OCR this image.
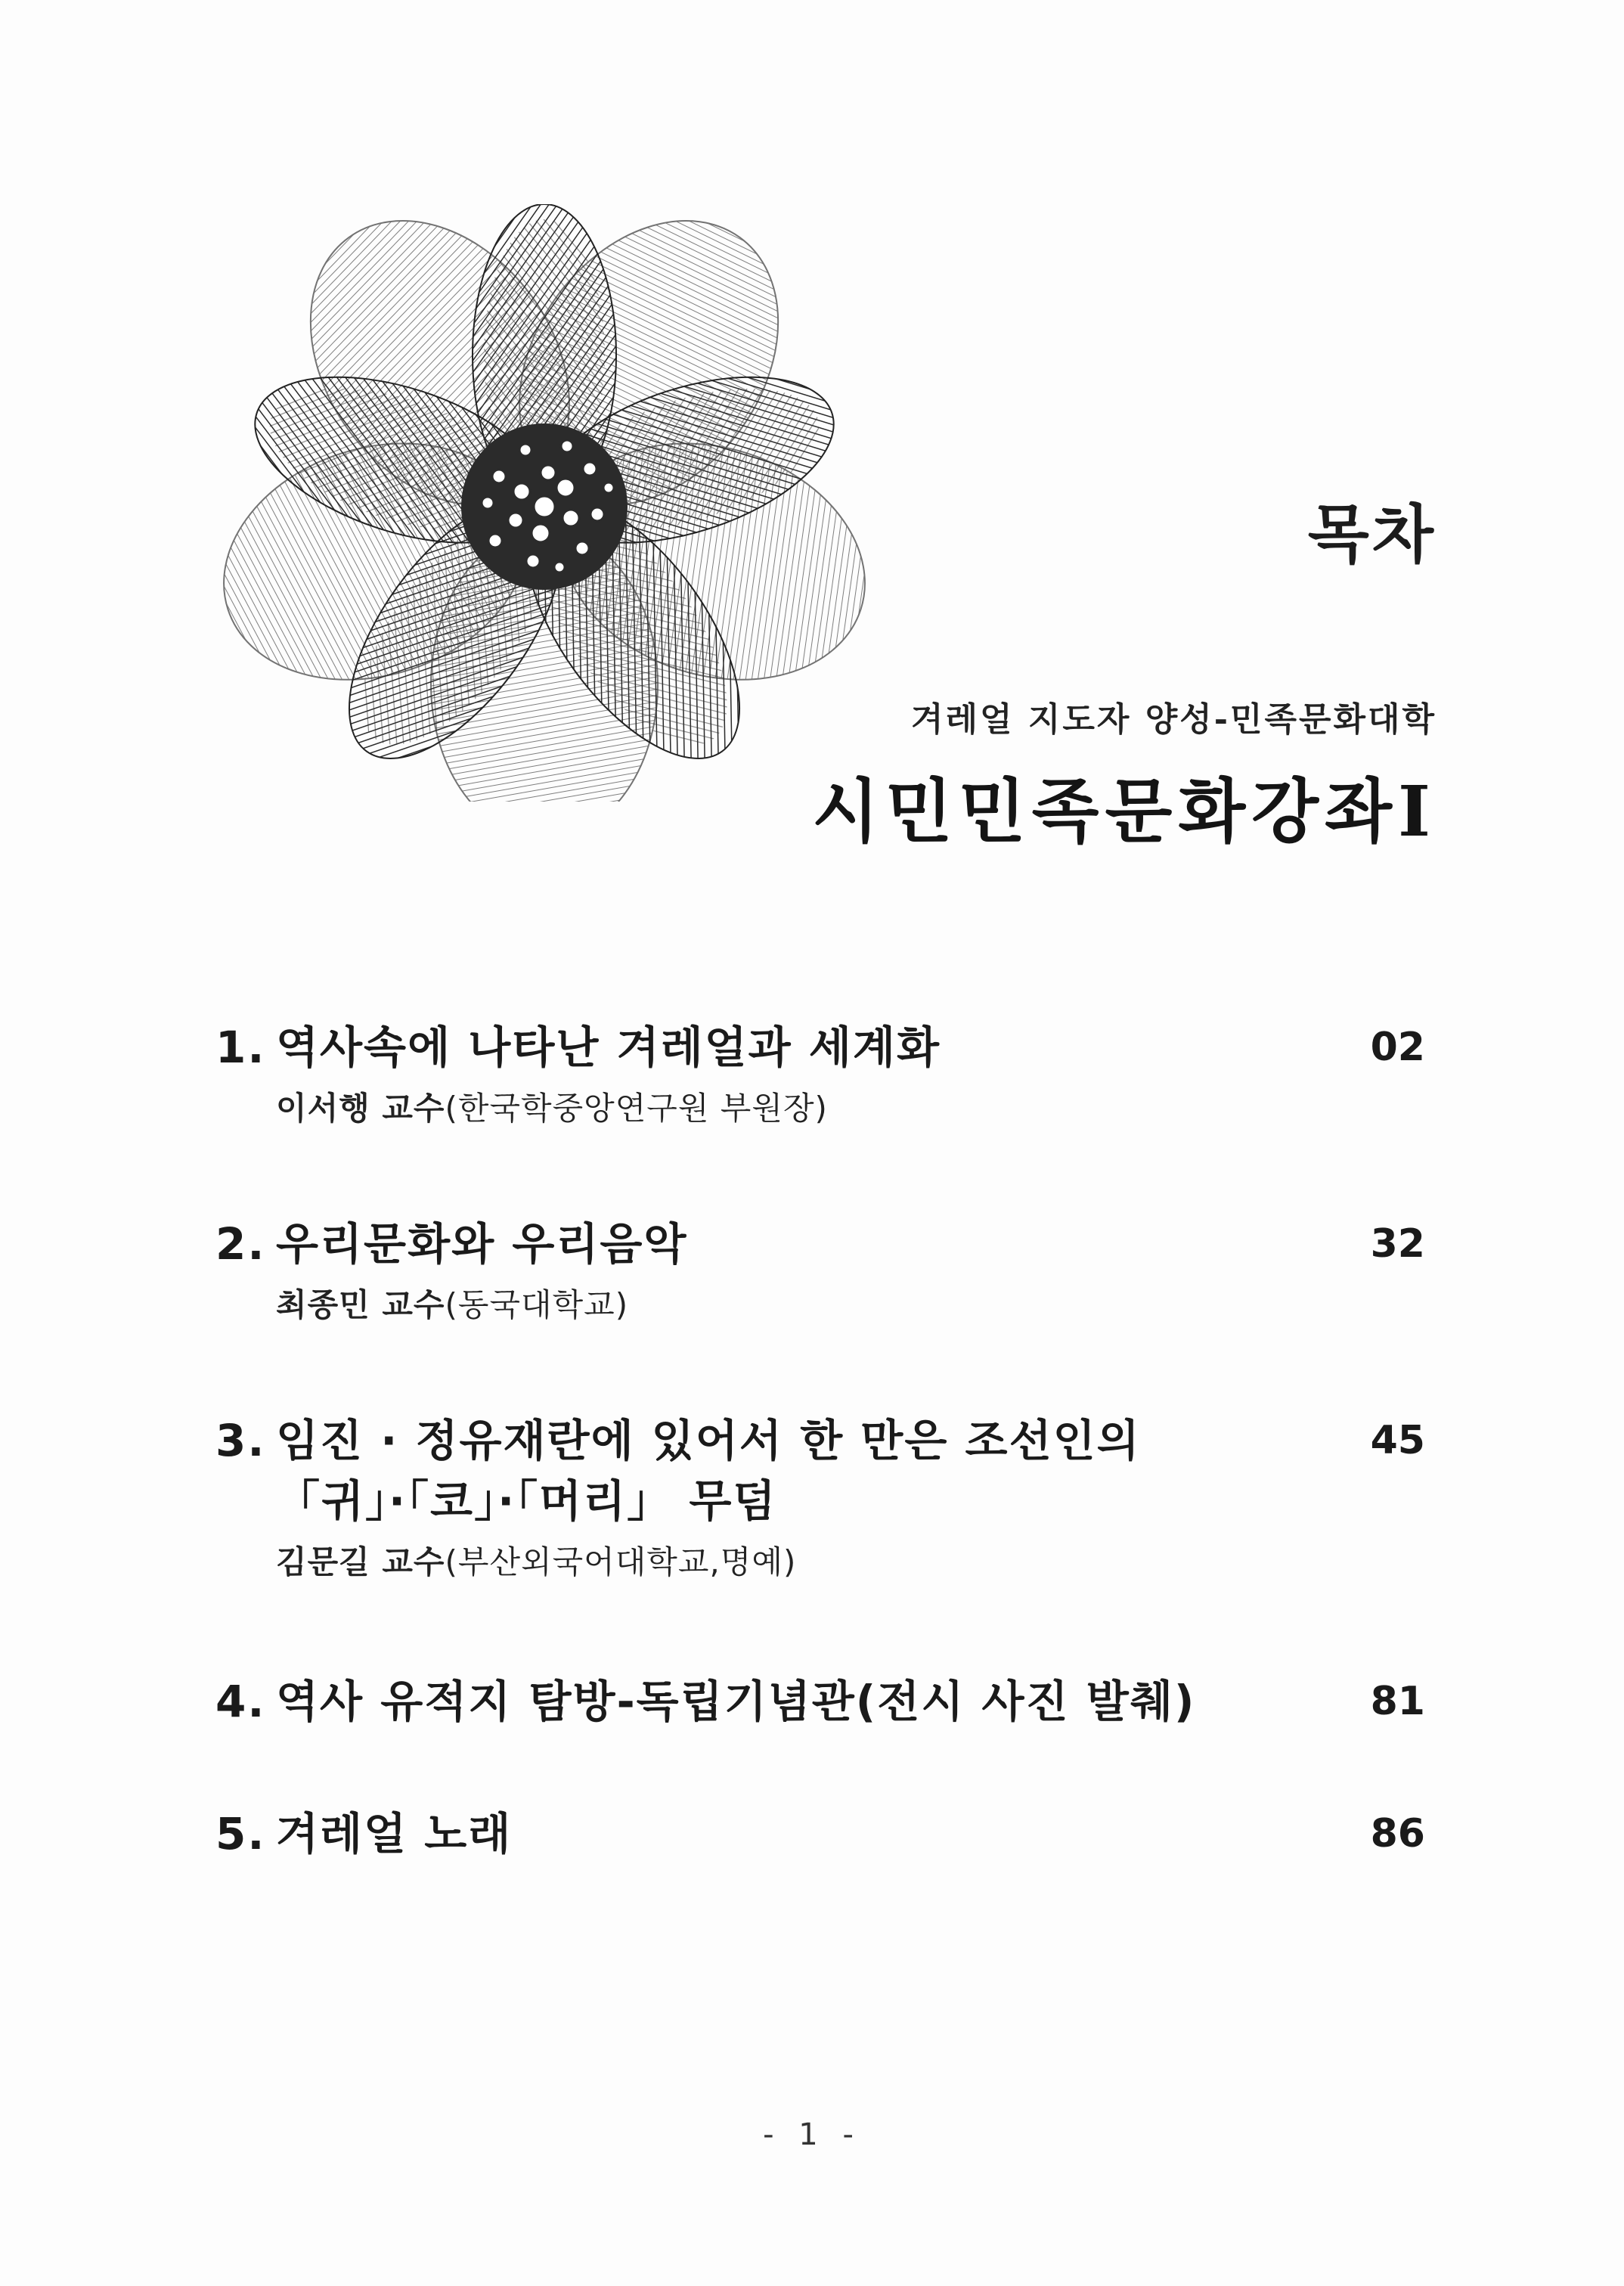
목차
겨레얼 지도자 양성-민족문화대학
시민민족문화강좌Ⅰ
1. 역사속에 나타난 겨레얼과 세계화
이서행 교수(한국학중앙연구원 부원장)
02
2. 우리문화와 우리음악
최종민 교수(동국대학교)
32
3. 임진 · 정유재란에 있어서 한 만은 조선인의
「귀」·「코」·「머리」 무덤
김문길 교수(부산외국어대학교,명예)
45
4. 역사 유적지 탐방-독립기념관(전시 사진 발췌)	81
5. 겨레얼 노래	86
- 1 -
